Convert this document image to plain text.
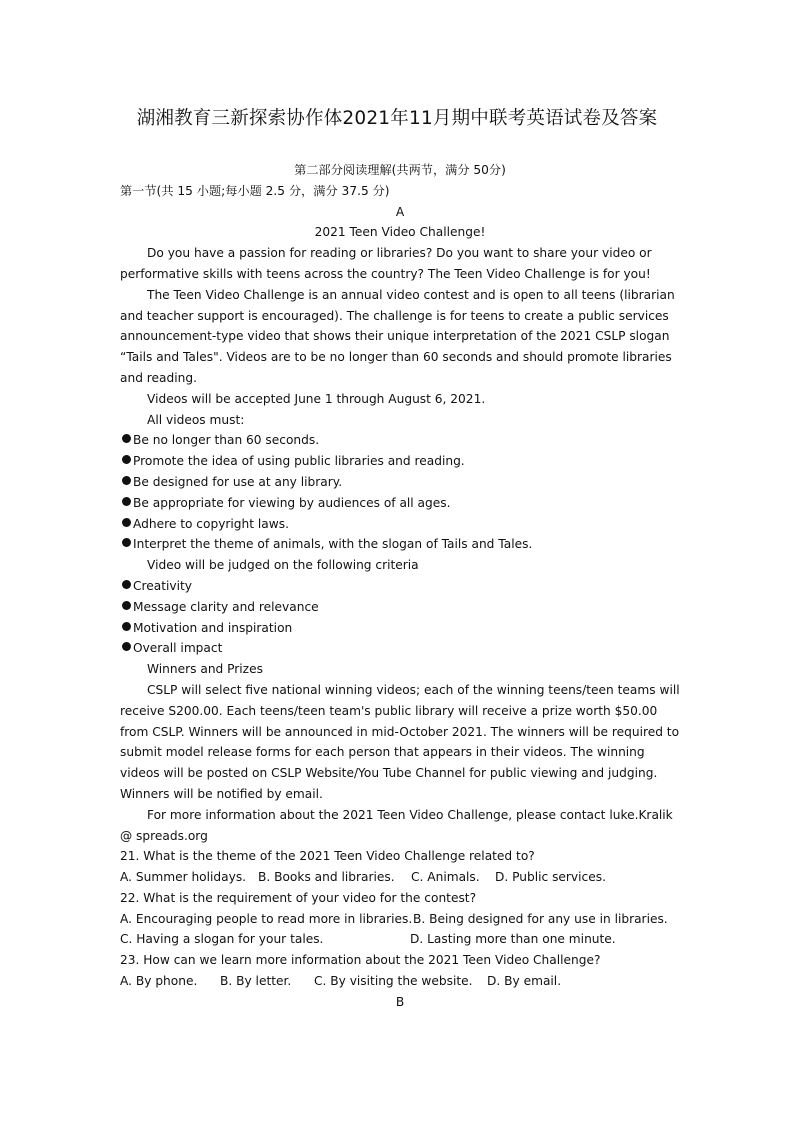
湖湘教育三新探索协作体2021年11月期中联考英语试卷及答案
第二部分阅读理解(共两节，满分 50分)
第一节(共 15 小题;每小题 2.5 分，满分 37.5 分)
A
2021 Teen Video Challenge!
Do you have a passion for reading or libraries? Do you want to share your video or performative skills with teens across the country? The Teen Video Challenge is for you!
The Teen Video Challenge is an annual video contest and is open to all teens (librarian and teacher support is encouraged). The challenge is for teens to create a public services announcement-type video that shows their unique interpretation of the 2021 CSLP slogan “Tails and Tales". Videos are to be no longer than 60 seconds and should promote libraries and reading.
Videos will be accepted June 1 through August 6, 2021.
All videos must:
Be no longer than 60 seconds.
Promote the idea of using public libraries and reading.
Be designed for use at any library.
Be appropriate for viewing by audiences of all ages.
Adhere to copyright laws.
Interpret the theme of animals, with the slogan of Tails and Tales.
Video will be judged on the following criteria
Creativity
Message clarity and relevance
Motivation and inspiration
Overall impact
Winners and Prizes
CSLP will select five national winning videos; each of the winning teens/teen teams will receive S200.00. Each teens/teen team's public library will receive a prize worth $50.00 from CSLP. Winners will be announced in mid-October 2021. The winners will be required to submit model release forms for each person that appears in their videos. The winning videos will be posted on CSLP Website/You Tube Channel for public viewing and judging. Winners will be notified by email.
For more information about the 2021 Teen Video Challenge, please contact luke.Kralik @ spreads.org
21. What is the theme of the 2021 Teen Video Challenge related to?
A. Summer holidays. B. Books and libraries. C. Animals. D. Public services.
22. What is the requirement of your video for the contest?
A. Encouraging people to read more in libraries.B. Being designed for any use in libraries.
C. Having a slogan for your tales.	D. Lasting more than one minute.
23. How can we learn more information about the 2021 Teen Video Challenge?
A. By phone. B. By letter. C. By visiting the website. D. By email.
B
